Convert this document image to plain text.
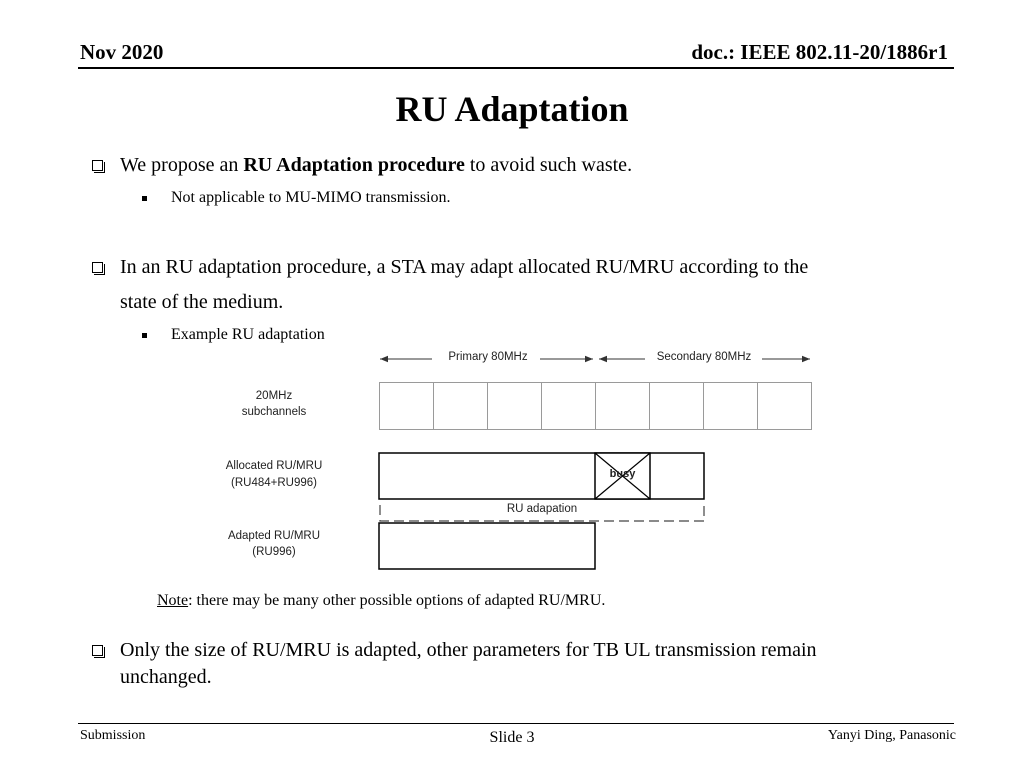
Nov 2020	doc.: IEEE 802.11-20/1886r1
RU Adaptation
We propose an RU Adaptation procedure to avoid such waste.
Not applicable to MU-MIMO transmission.
In an RU adaptation procedure, a STA may adapt allocated RU/MRU according to the
state of the medium.
Example RU adaptation
Primary 80MHz	Secondary 80MHz
20MHz
subchannels
Allocated RU/MRU
(RU484+RU996)
busy
RU adapation
Adapted RU/MRU
(RU996)
Note: there may be many other possible options of adapted RU/MRU.
Only the size of RU/MRU is adapted, other parameters for TB UL transmission remain
unchanged.
Submission	Slide 3	Yanyi Ding, Panasonic
